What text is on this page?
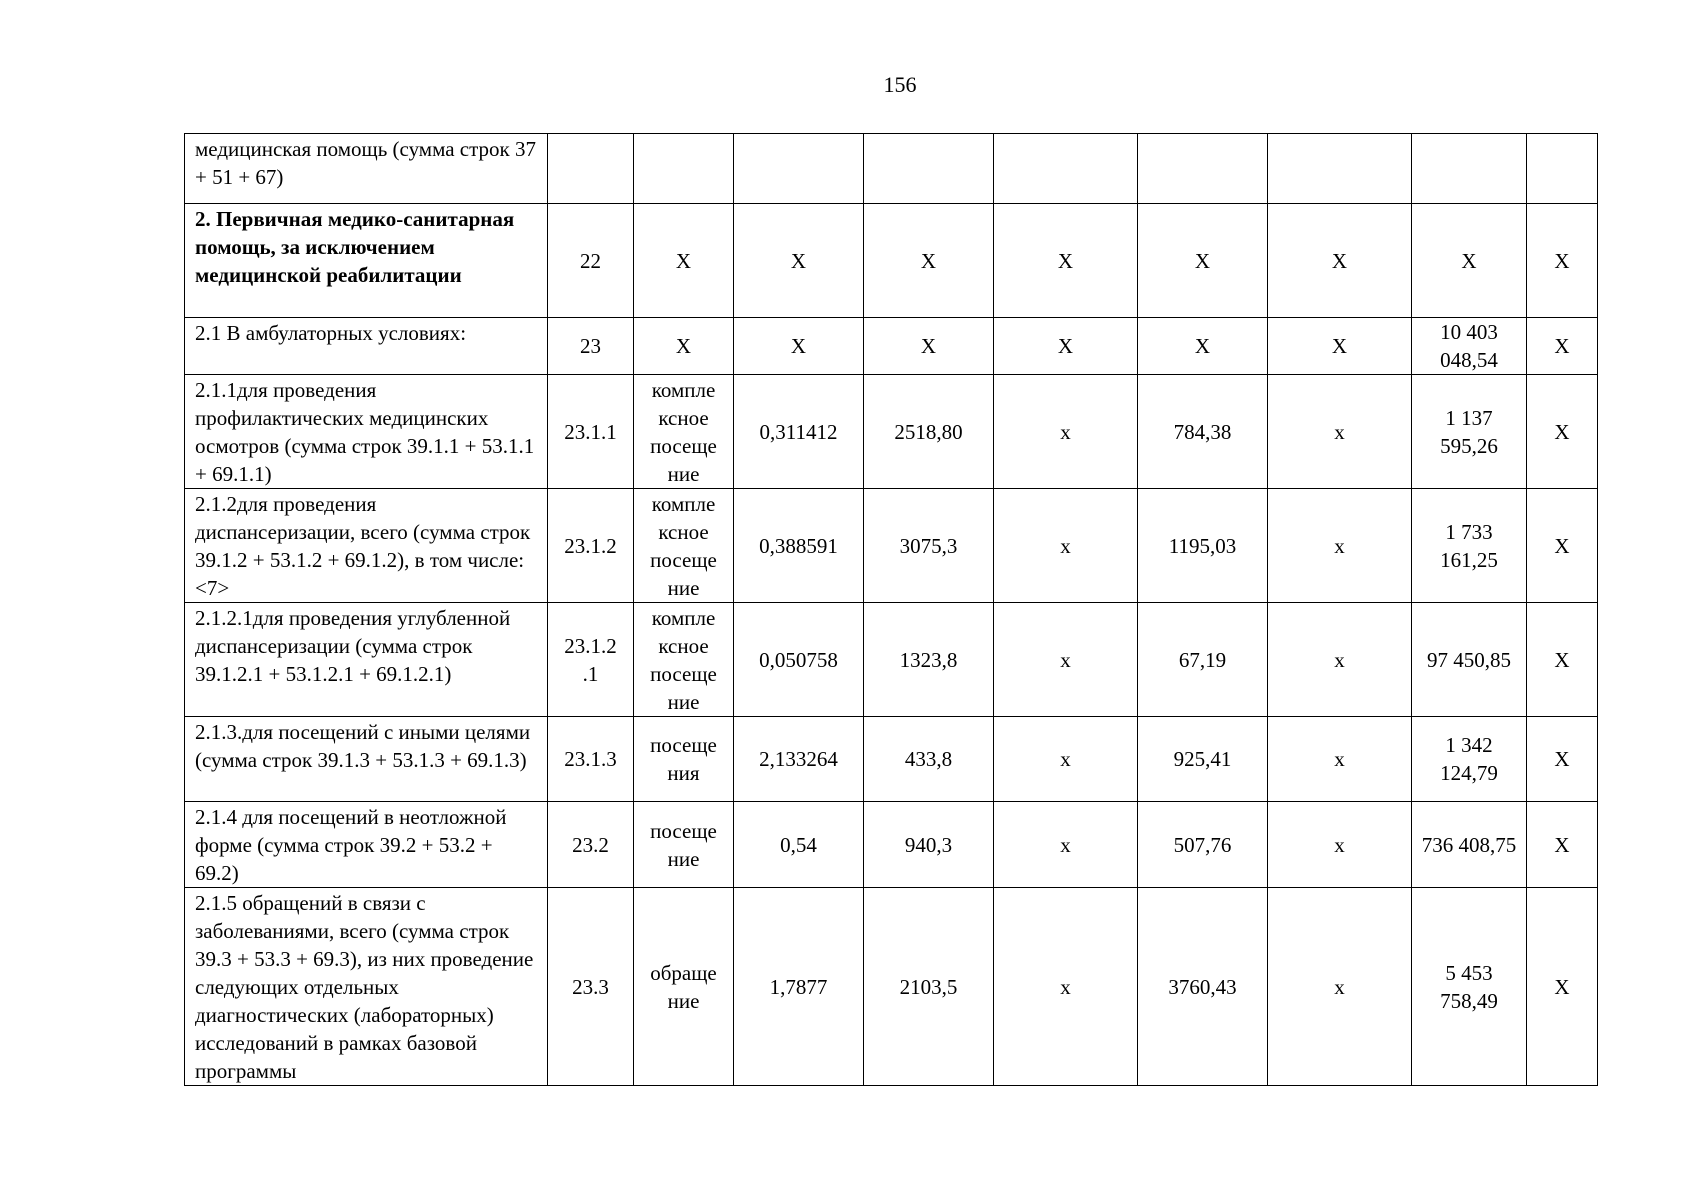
156
медицинская помощь (сумма строк 37 + 51 + 67)									
2. Первичная медико-санитарная помощь, за исключением медицинской реабилитации	22	X	X	X	X	X	X	X	X
2.1 В амбулаторных условиях:	23	X	X	X	X	X	X	10 403 048,54	X
2.1.1для проведения профилактических медицинских осмотров (сумма строк 39.1.1 + 53.1.1 + 69.1.1)	23.1.1	компле ксное посеще ние	0,311412	2518,80	х	784,38	х	1 137 595,26	X
2.1.2для проведения диспансеризации, всего (сумма строк 39.1.2 + 53.1.2 + 69.1.2), в том числе: <7>	23.1.2	компле ксное посеще ние	0,388591	3075,3	х	1195,03	х	1 733 161,25	X
2.1.2.1для проведения углубленной диспансеризации (сумма строк 39.1.2.1 + 53.1.2.1 + 69.1.2.1)	23.1.2 .1	компле ксное посеще ние	0,050758	1323,8	х	67,19	х	97 450,85	X
2.1.3.для посещений с иными целями (сумма строк 39.1.3 + 53.1.3 + 69.1.3)	23.1.3	посеще ния	2,133264	433,8	х	925,41	х	1 342 124,79	X
2.1.4 для посещений в неотложной форме (сумма строк 39.2 + 53.2 + 69.2)	23.2	посеще ние	0,54	940,3	х	507,76	х	736 408,75	X
2.1.5 обращений в связи с заболеваниями, всего (сумма строк 39.3 + 53.3 + 69.3), из них проведение следующих отдельных диагностических (лабораторных) исследований в рамках базовой программы	23.3	обраще ние	1,7877	2103,5	х	3760,43	х	5 453 758,49	X
